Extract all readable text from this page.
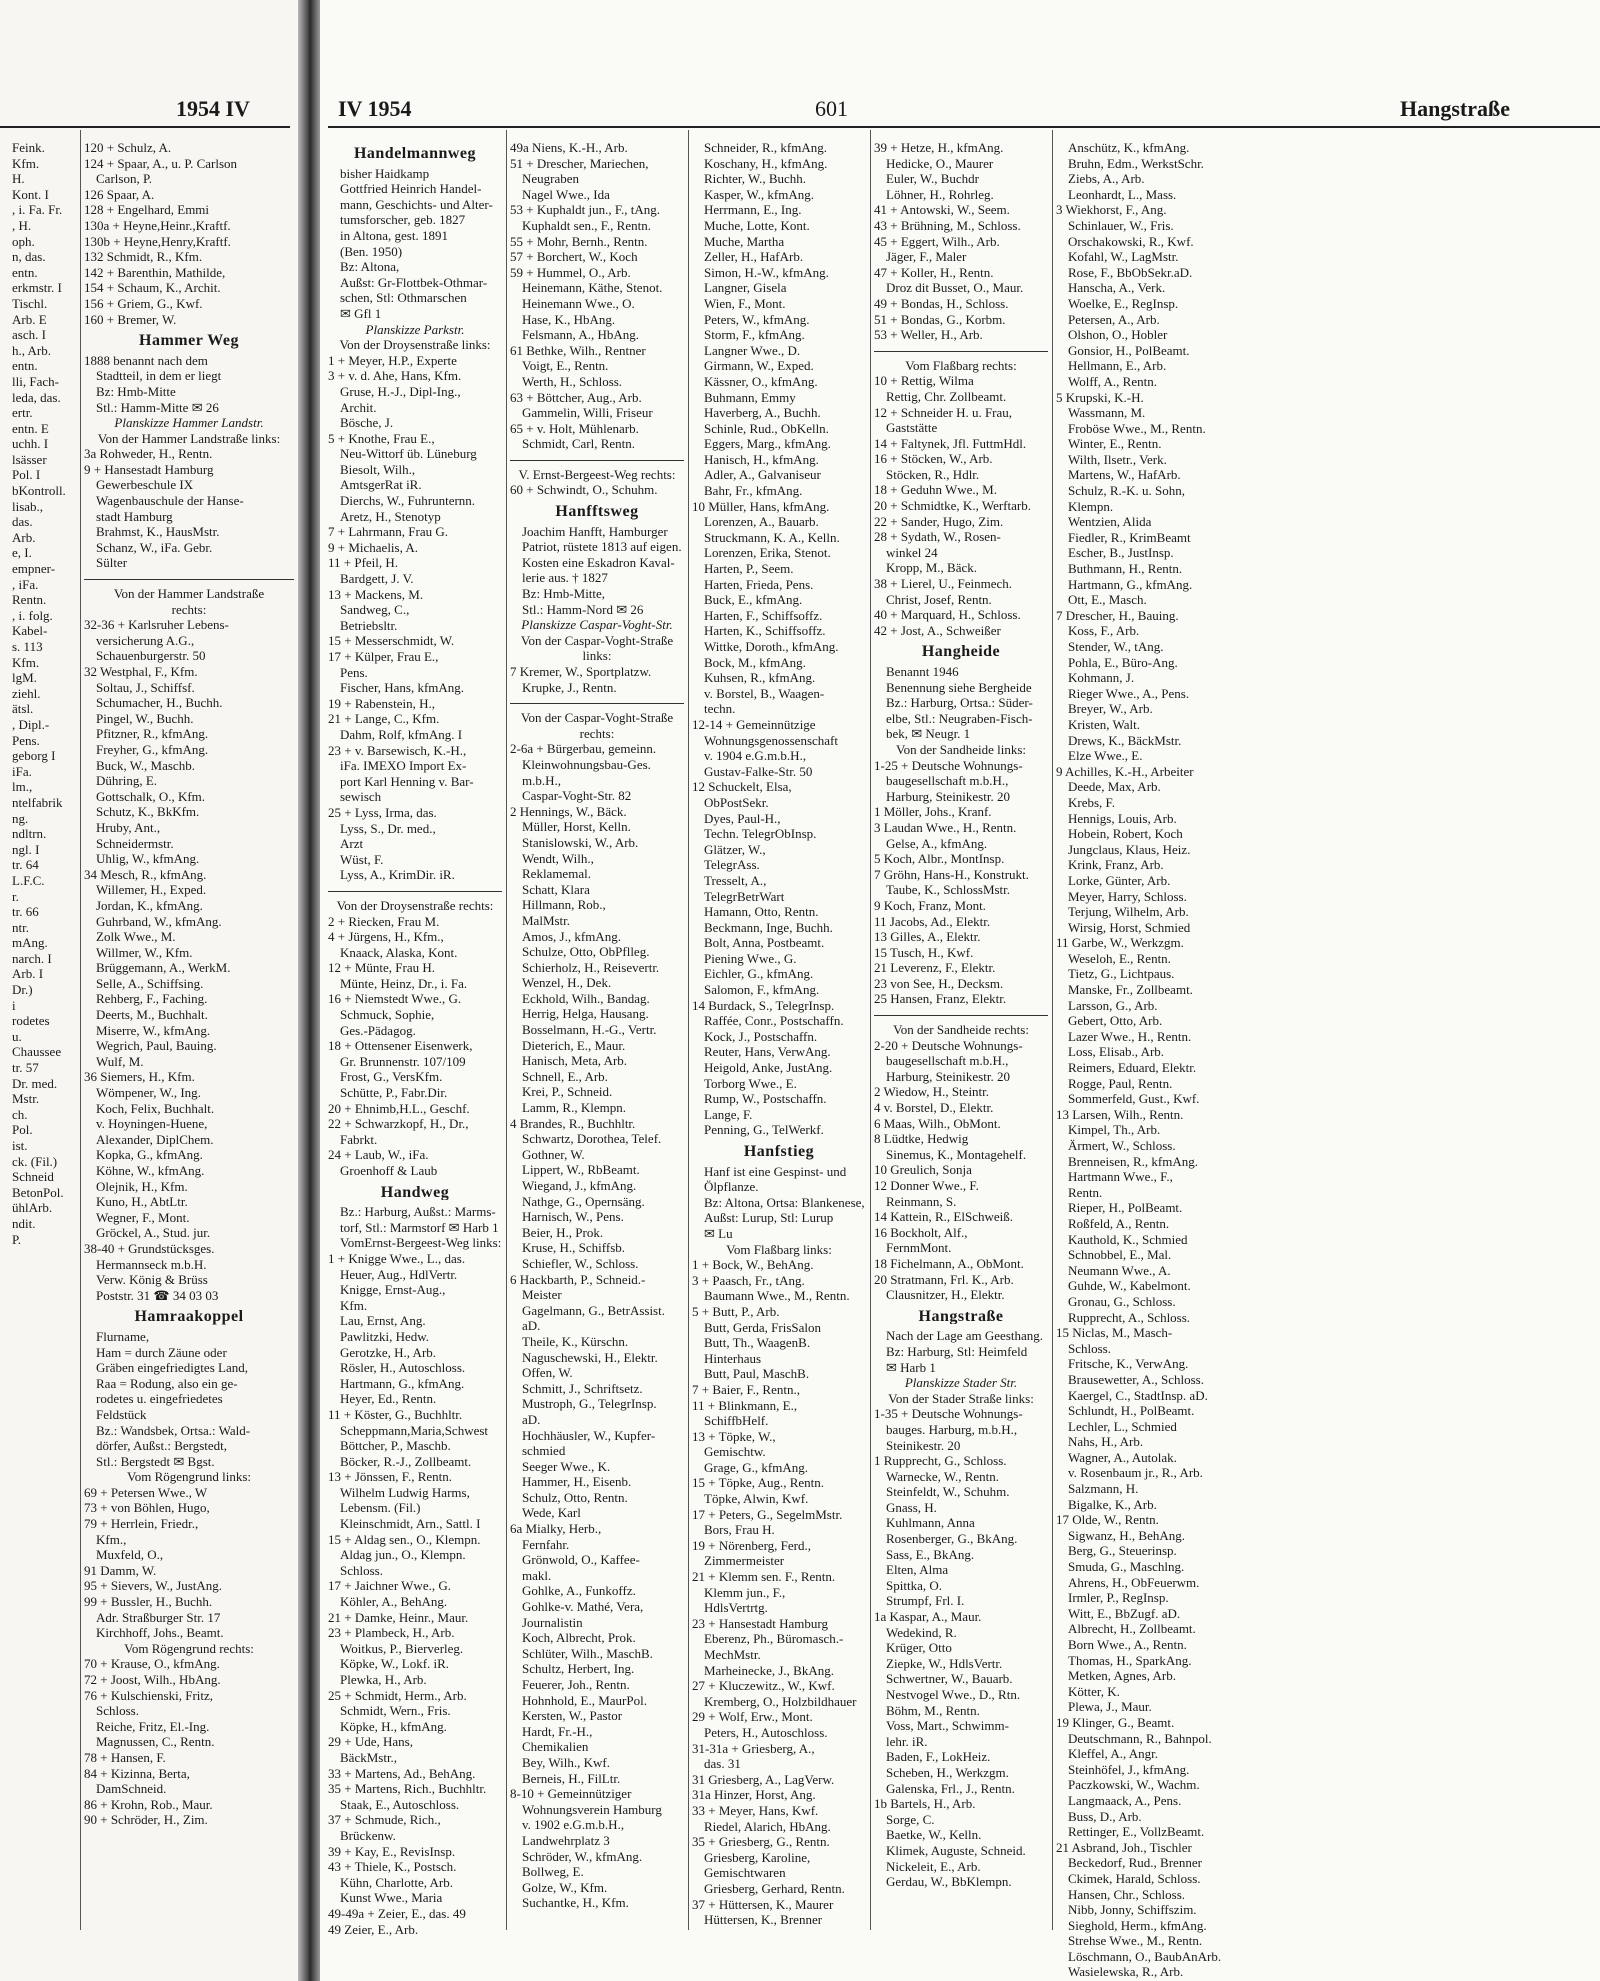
1954 IV
Feink.
Kfm.
H.
Kont. I
, i. Fa. Fr.
, H.
oph.
n, das.
entn.
erkmstr. I
Tischl.
Arb. E
asch. I
h., Arb.
entn.
lli, Fach-
leda, das.
ertr.
entn. E
uchh. I
lsässer
Pol. I
bKontroll.
lisab.,
das.
Arb.
e, I.
empner-
, iFa.
Rentn.
, i. folg.
Kabel-
s. 113
Kfm.
lgM.
ziehl.
ätsl.
, Dipl.-
Pens.
geborg I
iFa.
lm.,
ntelfabrik
ng.
ndltrn.
ngl. I
tr. 64
L.F.C.
r.
tr. 66
ntr.
mAng.
narch. I
Arb. I
Dr.)
i
rodetes
u.
Chaussee
tr. 57
Dr. med.
Mstr.
ch.
Pol.
ist.
ck. (Fil.)
Schneid
BetonPol.
ühlArb.
ndit.
P.
120 + Schulz, A.
124 + Spaar, A., u. P. Carlson
Carlson, P.
126 Spaar, A.
128 + Engelhard, Emmi
130a + Heyne,Heinr.,Kraftf.
130b + Heyne,Henry,Kraftf.
132 Schmidt, R., Kfm.
142 + Barenthin, Mathilde,
154 + Schaum, K., Archit.
156 + Griem, G., Kwf.
160 + Bremer, W.
Hammer Weg
1888 benannt nach dem
Stadtteil, in dem er liegt
Bz: Hmb-Mitte
Stl.: Hamm-Mitte ✉ 26
Planskizze Hammer Landstr.
Von der Hammer Landstraße links:
3a Rohweder, H., Rentn.
9 + Hansestadt Hamburg
Gewerbeschule IX
Wagenbauschule der Hanse-
stadt Hamburg
Brahmst, K., HausMstr.
Schanz, W., iFa. Gebr.
Sülter
Von der Hammer Landstraße
rechts:
32-36 + Karlsruher Lebens-
versicherung A.G.,
Schauenburgerstr. 50
32 Westphal, F., Kfm.
Soltau, J., Schiffsf.
Schumacher, H., Buchh.
Pingel, W., Buchh.
Pfitzner, R., kfmAng.
Freyher, G., kfmAng.
Buck, W., Maschb.
Dühring, E.
Gottschalk, O., Kfm.
Schutz, K., BkKfm.
Hruby, Ant.,
Schneidermstr.
Uhlig, W., kfmAng.
34 Mesch, R., kfmAng.
Willemer, H., Exped.
Jordan, K., kfmAng.
Guhrband, W., kfmAng.
Zolk Wwe., M.
Willmer, W., Kfm.
Brüggemann, A., WerkM.
Selle, A., Schiffsing.
Rehberg, F., Faching.
Deerts, M., Buchhalt.
Miserre, W., kfmAng.
Wegrich, Paul, Bauing.
Wulf, M.
36 Siemers, H., Kfm.
Wömpener, W., Ing.
Koch, Felix, Buchhalt.
v. Hoyningen-Huene,
Alexander, DiplChem.
Kopka, G., kfmAng.
Köhne, W., kfmAng.
Olejnik, H., Kfm.
Kuno, H., AbtLtr.
Wegner, F., Mont.
Gröckel, A., Stud. jur.
38-40 + Grundstücksges.
Hermannseck m.b.H.
Verw. König & Brüss
Poststr. 31 ☎ 34 03 03
Hamraakoppel
Flurname,
Ham = durch Zäune oder
Gräben eingefriedigtes Land,
Raa = Rodung, also ein ge-
rodetes u. eingefriedetes
Feldstück
Bz.: Wandsbek, Ortsa.: Wald-
dörfer, Außst.: Bergstedt,
Stl.: Bergstedt ✉ Bgst.
Vom Rögengrund links:
69 + Petersen Wwe., W
73 + von Böhlen, Hugo,
79 + Herrlein, Friedr.,
Kfm.,
Muxfeld, O.,
91 Damm, W.
95 + Sievers, W., JustAng.
99 + Bussler, H., Buchh.
Adr. Straßburger Str. 17
Kirchhoff, Johs., Beamt.
Vom Rögengrund rechts:
70 + Krause, O., kfmAng.
72 + Joost, Wilh., HbAng.
76 + Kulschienski, Fritz,
Schloss.
Reiche, Fritz, El.-Ing.
Magnussen, C., Rentn.
78 + Hansen, F.
84 + Kizinna, Berta,
DamSchneid.
86 + Krohn, Rob., Maur.
90 + Schröder, H., Zim.
IV 1954	601	Hangstraße
Handelmannweg
bisher Haidkamp
Gottfried Heinrich Handel-
mann, Geschichts- und Alter-
tumsforscher, geb. 1827
in Altona, gest. 1891
(Ben. 1950)
Bz: Altona,
Außst: Gr-Flottbek-Othmar-
schen, Stl: Othmarschen
✉ Gfl 1
Planskizze Parkstr.
Von der Droysenstraße links:
1 + Meyer, H.P., Experte
3 + v. d. Ahe, Hans, Kfm.
Gruse, H.-J., Dipl-Ing.,
Archit.
Bösche, J.
5 + Knothe, Frau E.,
Neu-Wittorf üb. Lüneburg
Biesolt, Wilh.,
AmtsgerRat iR.
Dierchs, W., Fuhrunternn.
Aretz, H., Stenotyp
7 + Lahrmann, Frau G.
9 + Michaelis, A.
11 + Pfeil, H.
Bardgett, J. V.
13 + Mackens, M.
Sandweg, C.,
Betriebsltr.
15 + Messerschmidt, W.
17 + Külper, Frau E.,
Pens.
Fischer, Hans, kfmAng.
19 + Rabenstein, H.,
21 + Lange, C., Kfm.
Dahm, Rolf, kfmAng. I
23 + v. Barsewisch, K.-H.,
iFa. IMEXO Import Ex-
port Karl Henning v. Bar-
sewisch
25 + Lyss, Irma, das.
Lyss, S., Dr. med.,
Arzt
Wüst, F.
Lyss, A., KrimDir. iR.
Von der Droysenstraße rechts:
2 + Riecken, Frau M.
4 + Jürgens, H., Kfm.,
Knaack, Alaska, Kont.
12 + Münte, Frau H.
Münte, Heinz, Dr., i. Fa.
16 + Niemstedt Wwe., G.
Schmuck, Sophie,
Ges.-Pädagog.
18 + Ottensener Eisenwerk,
Gr. Brunnenstr. 107/109
Frost, G., VersKfm.
Schütte, P., Fabr.Dir.
20 + Ehnimb,H.L., Geschf.
22 + Schwarzkopf, H., Dr.,
Fabrkt.
24 + Laub, W., iFa.
Groenhoff & Laub
Handweg
Bz.: Harburg, Außst.: Marms-
torf, Stl.: Marmstorf ✉ Harb 1
VomErnst-Bergeest-Weg links:
1 + Knigge Wwe., L., das.
Heuer, Aug., HdlVertr.
Knigge, Ernst-Aug.,
Kfm.
Lau, Ernst, Ang.
Pawlitzki, Hedw.
Gerotzke, H., Arb.
Rösler, H., Autoschloss.
Hartmann, G., kfmAng.
Heyer, Ed., Rentn.
11 + Köster, G., Buchhltr.
Scheppmann,Maria,Schwest
Böttcher, P., Maschb.
Böcker, R.-J., Zollbeamt.
13 + Jönssen, F., Rentn.
Wilhelm Ludwig Harms,
Lebensm. (Fil.)
Kleinschmidt, Arn., Sattl. I
15 + Aldag sen., O., Klempn.
Aldag jun., O., Klempn.
Schloss.
17 + Jaichner Wwe., G.
Köhler, A., BehAng.
21 + Damke, Heinr., Maur.
23 + Plambeck, H., Arb.
Woitkus, P., Bierverleg.
Köpke, W., Lokf. iR.
Plewka, H., Arb.
25 + Schmidt, Herm., Arb.
Schmidt, Wern., Fris.
Köpke, H., kfmAng.
29 + Ude, Hans,
BäckMstr.,
33 + Martens, Ad., BehAng.
35 + Martens, Rich., Buchhltr.
Staak, E., Autoschloss.
37 + Schmude, Rich.,
Brückenw.
39 + Kay, E., RevisInsp.
43 + Thiele, K., Postsch.
Kühn, Charlotte, Arb.
Kunst Wwe., Maria
49-49a + Zeier, E., das. 49
49 Zeier, E., Arb.
49a Niens, K.-H., Arb.
51 + Drescher, Mariechen,
Neugraben
Nagel Wwe., Ida
53 + Kuphaldt jun., F., tAng.
Kuphaldt sen., F., Rentn.
55 + Mohr, Bernh., Rentn.
57 + Borchert, W., Koch
59 + Hummel, O., Arb.
Heinemann, Käthe, Stenot.
Heinemann Wwe., O.
Hase, K., HbAng.
Felsmann, A., HbAng.
61 Bethke, Wilh., Rentner
Voigt, E., Rentn.
Werth, H., Schloss.
63 + Böttcher, Aug., Arb.
Gammelin, Willi, Friseur
65 + v. Holt, Mühlenarb.
Schmidt, Carl, Rentn.
V. Ernst-Bergeest-Weg rechts:
60 + Schwindt, O., Schuhm.
Hanfftsweg
Joachim Hanfft, Hamburger
Patriot, rüstete 1813 auf eigen.
Kosten eine Eskadron Kaval-
lerie aus. † 1827
Bz: Hmb-Mitte,
Stl.: Hamm-Nord ✉ 26
Planskizze Caspar-Voght-Str.
Von der Caspar-Voght-Straße
links:
7 Kremer, W., Sportplatzw.
Krupke, J., Rentn.
Von der Caspar-Voght-Straße
rechts:
2-6a + Bürgerbau, gemeinn.
Kleinwohnungsbau-Ges.
m.b.H.,
Caspar-Voght-Str. 82
2 Hennings, W., Bäck.
Müller, Horst, Kelln.
Stanislowski, W., Arb.
Wendt, Wilh.,
Reklamemal.
Schatt, Klara
Hillmann, Rob.,
MalMstr.
Amos, J., kfmAng.
Schulze, Otto, ObPflleg.
Schierholz, H., Reisevertr.
Wenzel, H., Dek.
Eckhold, Wilh., Bandag.
Herrig, Helga, Hausang.
Bosselmann, H.-G., Vertr.
Dieterich, E., Maur.
Hanisch, Meta, Arb.
Schnell, E., Arb.
Krei, P., Schneid.
Lamm, R., Klempn.
4 Brandes, R., Buchhltr.
Schwartz, Dorothea, Telef.
Gothner, W.
Lippert, W., RbBeamt.
Wiegand, J., kfmAng.
Nathge, G., Opernsäng.
Harnisch, W., Pens.
Beier, H., Prok.
Kruse, H., Schiffsb.
Schiefler, W., Schloss.
6 Hackbarth, P., Schneid.-
Meister
Gagelmann, G., BetrAssist.
aD.
Theile, K., Kürschn.
Naguschewski, H., Elektr.
Offen, W.
Schmitt, J., Schriftsetz.
Mustroph, G., TelegrInsp.
aD.
Hochhäusler, W., Kupfer-
schmied
Seeger Wwe., K.
Hammer, H., Eisenb.
Schulz, Otto, Rentn.
Wede, Karl
6a Mialky, Herb.,
Fernfahr.
Grönwold, O., Kaffee-
makl.
Gohlke, A., Funkoffz.
Gohlke-v. Mathé, Vera,
Journalistin
Koch, Albrecht, Prok.
Schlüter, Wilh., MaschB.
Schultz, Herbert, Ing.
Feuerer, Joh., Rentn.
Hohnhold, E., MaurPol.
Kersten, W., Pastor
Hardt, Fr.-H.,
Chemikalien
Bey, Wilh., Kwf.
Berneis, H., FilLtr.
8-10 + Gemeinnütziger
Wohnungsverein Hamburg
v. 1902 e.G.m.b.H.,
Landwehrplatz 3
Schröder, W., kfmAng.
Bollweg, E.
Golze, W., Kfm.
Suchantke, H., Kfm.
Schneider, R., kfmAng.
Koschany, H., kfmAng.
Richter, W., Buchh.
Kasper, W., kfmAng.
Herrmann, E., Ing.
Muche, Lotte, Kont.
Muche, Martha
Zeller, H., HafArb.
Simon, H.-W., kfmAng.
Langner, Gisela
Wien, F., Mont.
Peters, W., kfmAng.
Storm, F., kfmAng.
Langner Wwe., D.
Girmann, W., Exped.
Kässner, O., kfmAng.
Buhmann, Emmy
Haverberg, A., Buchh.
Schinle, Rud., ObKelln.
Eggers, Marg., kfmAng.
Hanisch, H., kfmAng.
Adler, A., Galvaniseur
Bahr, Fr., kfmAng.
10 Müller, Hans, kfmAng.
Lorenzen, A., Bauarb.
Struckmann, K. A., Kelln.
Lorenzen, Erika, Stenot.
Harten, P., Seem.
Harten, Frieda, Pens.
Buck, E., kfmAng.
Harten, F., Schiffsoffz.
Harten, K., Schiffsoffz.
Wittke, Doroth., kfmAng.
Bock, M., kfmAng.
Kuhsen, R., kfmAng.
v. Borstel, B., Waagen-
techn.
12-14 + Gemeinnützige
Wohnungsgenossenschaft
v. 1904 e.G.m.b.H.,
Gustav-Falke-Str. 50
12 Schuckelt, Elsa,
ObPostSekr.
Dyes, Paul-H.,
Techn. TelegrObInsp.
Glätzer, W.,
TelegrAss.
Tresselt, A.,
TelegrBetrWart
Hamann, Otto, Rentn.
Beckmann, Inge, Buchh.
Bolt, Anna, Postbeamt.
Piening Wwe., G.
Eichler, G., kfmAng.
Salomon, F., kfmAng.
14 Burdack, S., TelegrInsp.
Raffée, Conr., Postschaffn.
Kock, J., Postschaffn.
Reuter, Hans, VerwAng.
Heigold, Anke, JustAng.
Torborg Wwe., E.
Rump, W., Postschaffn.
Lange, F.
Penning, G., TelWerkf.
Hanfstieg
Hanf ist eine Gespinst- und
Ölpflanze.
Bz: Altona, Ortsa: Blankenese,
Außst: Lurup, Stl: Lurup
✉ Lu
Vom Flaßbarg links:
1 + Bock, W., BehAng.
3 + Paasch, Fr., tAng.
Baumann Wwe., M., Rentn.
5 + Butt, P., Arb.
Butt, Gerda, FrisSalon
Butt, Th., WaagenB.
Hinterhaus
Butt, Paul, MaschB.
7 + Baier, F., Rentn.,
11 + Blinkmann, E.,
SchiffbHelf.
13 + Töpke, W.,
Gemischtw.
Grage, G., kfmAng.
15 + Töpke, Aug., Rentn.
Töpke, Alwin, Kwf.
17 + Peters, G., SegelmMstr.
Bors, Frau H.
19 + Nörenberg, Ferd.,
Zimmermeister
21 + Klemm sen. F., Rentn.
Klemm jun., F.,
HdlsVertrtg.
23 + Hansestadt Hamburg
Eberenz, Ph., Büromasch.-
MechMstr.
Marheinecke, J., BkAng.
27 + Kluczewitz., W., Kwf.
Kremberg, O., Holzbildhauer
29 + Wolf, Erw., Mont.
Peters, H., Autoschloss.
31-31a + Griesberg, A.,
das. 31
31 Griesberg, A., LagVerw.
31a Hinzer, Horst, Ang.
33 + Meyer, Hans, Kwf.
Riedel, Alarich, HbAng.
35 + Griesberg, G., Rentn.
Griesberg, Karoline,
Gemischtwaren
Griesberg, Gerhard, Rentn.
37 + Hüttersen, K., Maurer
Hüttersen, K., Brenner
39 + Hetze, H., kfmAng.
Hedicke, O., Maurer
Euler, W., Buchdr
Löhner, H., Rohrleg.
41 + Antowski, W., Seem.
43 + Brühning, M., Schloss.
45 + Eggert, Wilh., Arb.
Jäger, F., Maler
47 + Koller, H., Rentn.
Droz dit Busset, O., Maur.
49 + Bondas, H., Schloss.
51 + Bondas, G., Korbm.
53 + Weller, H., Arb.
Vom Flaßbarg rechts:
10 + Rettig, Wilma
Rettig, Chr. Zollbeamt.
12 + Schneider H. u. Frau,
Gaststätte
14 + Faltynek, Jfl. FuttmHdl.
16 + Stöcken, W., Arb.
Stöcken, R., Hdlr.
18 + Geduhn Wwe., M.
20 + Schmidtke, K., Werftarb.
22 + Sander, Hugo, Zim.
28 + Sydath, W., Rosen-
winkel 24
Kropp, M., Bäck.
38 + Lierel, U., Feinmech.
Christ, Josef, Rentn.
40 + Marquard, H., Schloss.
42 + Jost, A., Schweißer
Hangheide
Benannt 1946
Benennung siehe Bergheide
Bz.: Harburg, Ortsa.: Süder-
elbe, Stl.: Neugraben-Fisch-
bek, ✉ Neugr. 1
Von der Sandheide links:
1-25 + Deutsche Wohnungs-
baugesellschaft m.b.H.,
Harburg, Steinikestr. 20
1 Möller, Johs., Kranf.
3 Laudan Wwe., H., Rentn.
Gelse, A., kfmAng.
5 Koch, Albr., MontInsp.
7 Gröhn, Hans-H., Konstrukt.
Taube, K., SchlossMstr.
9 Koch, Franz, Mont.
11 Jacobs, Ad., Elektr.
13 Gilles, A., Elektr.
15 Tusch, H., Kwf.
21 Leverenz, F., Elektr.
23 von See, H., Decksm.
25 Hansen, Franz, Elektr.
Von der Sandheide rechts:
2-20 + Deutsche Wohnungs-
baugesellschaft m.b.H.,
Harburg, Steinikestr. 20
2 Wiedow, H., Steintr.
4 v. Borstel, D., Elektr.
6 Maas, Wilh., ObMont.
8 Lüdtke, Hedwig
Sinemus, K., Montagehelf.
10 Greulich, Sonja
12 Donner Wwe., F.
Reinmann, S.
14 Kattein, R., ElSchweiß.
16 Bockholt, Alf.,
FernmMont.
18 Fichelmann, A., ObMont.
20 Stratmann, Frl. K., Arb.
Clausnitzer, H., Elektr.
Hangstraße
Nach der Lage am Geesthang.
Bz: Harburg, Stl: Heimfeld
✉ Harb 1
Planskizze Stader Str.
Von der Stader Straße links:
1-35 + Deutsche Wohnungs-
bauges. Harburg, m.b.H.,
Steinikestr. 20
1 Rupprecht, G., Schloss.
Warnecke, W., Rentn.
Steinfeldt, W., Schuhm.
Gnass, H.
Kuhlmann, Anna
Rosenberger, G., BkAng.
Sass, E., BkAng.
Elten, Alma
Spittka, O.
Strumpf, Frl. I.
1a Kaspar, A., Maur.
Wedekind, R.
Krüger, Otto
Ziepke, W., HdlsVertr.
Schwertner, W., Bauarb.
Nestvogel Wwe., D., Rtn.
Böhm, M., Rentn.
Voss, Mart., Schwimm-
lehr. iR.
Baden, F., LokHeiz.
Scheben, H., Werkzgm.
Galenska, Frl., J., Rentn.
1b Bartels, H., Arb.
Sorge, C.
Baetke, W., Kelln.
Klimek, Auguste, Schneid.
Nickeleit, E., Arb.
Gerdau, W., BbKlempn.
Anschütz, K., kfmAng.
Bruhn, Edm., WerkstSchr.
Ziebs, A., Arb.
Leonhardt, L., Mass.
3 Wiekhorst, F., Ang.
Schinlauer, W., Fris.
Orschakowski, R., Kwf.
Kofahl, W., LagMstr.
Rose, F., BbObSekr.aD.
Hanscha, A., Verk.
Woelke, E., RegInsp.
Petersen, A., Arb.
Olshon, O., Hobler
Gonsior, H., PolBeamt.
Hellmann, E., Arb.
Wolff, A., Rentn.
5 Krupski, K.-H.
Wassmann, M.
Froböse Wwe., M., Rentn.
Winter, E., Rentn.
Wilth, Ilsetr., Verk.
Martens, W., HafArb.
Schulz, R.-K. u. Sohn,
Klempn.
Wentzien, Alida
Fiedler, R., KrimBeamt
Escher, B., JustInsp.
Buthmann, H., Rentn.
Hartmann, G., kfmAng.
Ott, E., Masch.
7 Drescher, H., Bauing.
Koss, F., Arb.
Stender, W., tAng.
Pohla, E., Büro-Ang.
Kohmann, J.
Rieger Wwe., A., Pens.
Breyer, W., Arb.
Kristen, Walt.
Drews, K., BäckMstr.
Elze Wwe., E.
9 Achilles, K.-H., Arbeiter
Deede, Max, Arb.
Krebs, F.
Hennigs, Louis, Arb.
Hobein, Robert, Koch
Jungclaus, Klaus, Heiz.
Krink, Franz, Arb.
Lorke, Günter, Arb.
Meyer, Harry, Schloss.
Terjung, Wilhelm, Arb.
Wirsig, Horst, Schmied
11 Garbe, W., Werkzgm.
Weseloh, E., Rentn.
Tietz, G., Lichtpaus.
Manske, Fr., Zollbeamt.
Larsson, G., Arb.
Gebert, Otto, Arb.
Lazer Wwe., H., Rentn.
Loss, Elisab., Arb.
Reimers, Eduard, Elektr.
Rogge, Paul, Rentn.
Sommerfeld, Gust., Kwf.
13 Larsen, Wilh., Rentn.
Kimpel, Th., Arb.
Ärmert, W., Schloss.
Brenneisen, R., kfmAng.
Hartmann Wwe., F.,
Rentn.
Rieper, H., PolBeamt.
Roßfeld, A., Rentn.
Kauthold, K., Schmied
Schnobbel, E., Mal.
Neumann Wwe., A.
Guhde, W., Kabelmont.
Gronau, G., Schloss.
Rupprecht, A., Schloss.
15 Niclas, M., Masch-
Schloss.
Fritsche, K., VerwAng.
Brausewetter, A., Schloss.
Kaergel, C., StadtInsp. aD.
Schlundt, H., PolBeamt.
Lechler, L., Schmied
Nahs, H., Arb.
Wagner, A., Autolak.
v. Rosenbaum jr., R., Arb.
Salzmann, H.
Bigalke, K., Arb.
17 Olde, W., Rentn.
Sigwanz, H., BehAng.
Berg, G., Steuerinsp.
Smuda, G., Maschlng.
Ahrens, H., ObFeuerwm.
Irmler, P., RegInsp.
Witt, E., BbZugf. aD.
Albrecht, H., Zollbeamt.
Born Wwe., A., Rentn.
Thomas, H., SparkAng.
Metken, Agnes, Arb.
Kötter, K.
Plewa, J., Maur.
19 Klinger, G., Beamt.
Deutschmann, R., Bahnpol.
Kleffel, A., Angr.
Steinhöfel, J., kfmAng.
Paczkowski, W., Wachm.
Langmaack, A., Pens.
Buss, D., Arb.
Rettinger, E., VollzBeamt.
21 Asbrand, Joh., Tischler
Beckedorf, Rud., Brenner
Ckimek, Harald, Schloss.
Hansen, Chr., Schloss.
Nibb, Jonny, Schiffszim.
Sieghold, Herm., kfmAng.
Strehse Wwe., M., Rentn.
Löschmann, O., BaubAnArb.
Wasielewska, R., Arb.
